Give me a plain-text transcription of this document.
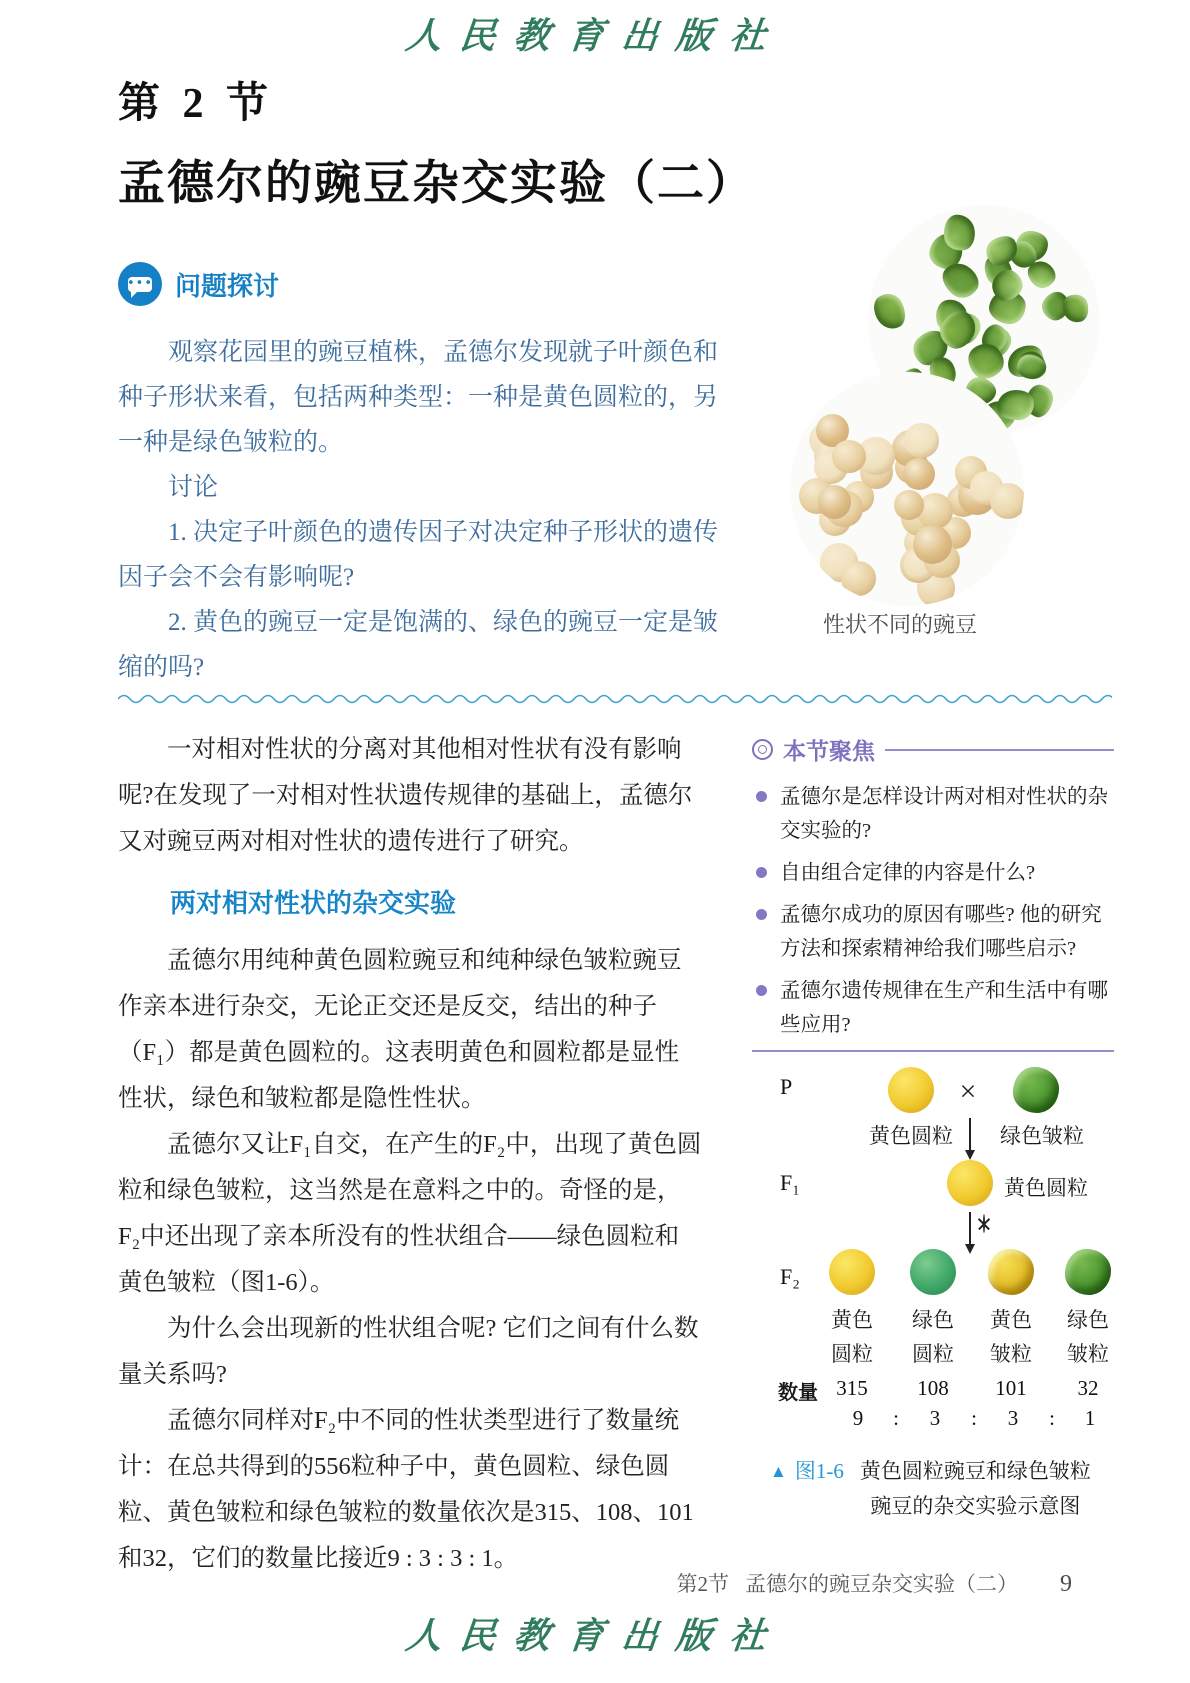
人民教育出版社
第 2 节
孟德尔的豌豆杂交实验（二）
性状不同的豌豆
••• 问题探讨

观察花园里的豌豆植株，孟德尔发现就子叶颜色和种子形状来看，包括两种类型：一种是黄色圆粒的，另一种是绿色皱粒的。

讨论

1. 决定子叶颜色的遗传因子对决定种子形状的遗传因子会不会有影响呢?

2. 黄色的豌豆一定是饱满的、绿色的豌豆一定是皱缩的吗?

一对相对性状的分离对其他相对性状有没有影响呢?在发现了一对相对性状遗传规律的基础上，孟德尔又对豌豆两对相对性状的遗传进行了研究。

两对相对性状的杂交实验

孟德尔用纯种黄色圆粒豌豆和纯种绿色皱粒豌豆作亲本进行杂交，无论正交还是反交，结出的种子（F₁）都是黄色圆粒的。这表明黄色和圆粒都是显性性状，绿色和皱粒都是隐性性状。

孟德尔又让F₁自交，在产生的F₂中，出现了黄色圆粒和绿色皱粒，这当然是在意料之中的。奇怪的是，F₂中还出现了亲本所没有的性状组合——绿色圆粒和黄色皱粒（图1-6）。

为什么会出现新的性状组合呢? 它们之间有什么数量关系吗?

孟德尔同样对F₂中不同的性状类型进行了数量统计：在总共得到的556粒种子中，黄色圆粒、绿色圆粒、黄色皱粒和绿色皱粒的数量依次是315、108、101和32，它们的数量比接近9 : 3 : 3 : 1。

本节聚焦
孟德尔是怎样设计两对相对性状的杂交实验的?
自由组合定律的内容是什么?
孟德尔成功的原因有哪些? 他的研究方法和探索精神给我们哪些启示?
孟德尔遗传规律在生产和生活中有哪些应用?
P	×
黄色圆粒 绿色皱粒
F₁	黄色圆粒
F₂
黄色
圆粒
绿色
圆粒
黄色
皱粒
绿色
皱粒
数量 315 108 101 32
9 : 3 : 3 : 1
▲ 图1-6 黄色圆粒豌豆和绿色皱粒
豌豆的杂交实验示意图
第2节 孟德尔的豌豆杂交实验（二） 9
人民教育出版社
